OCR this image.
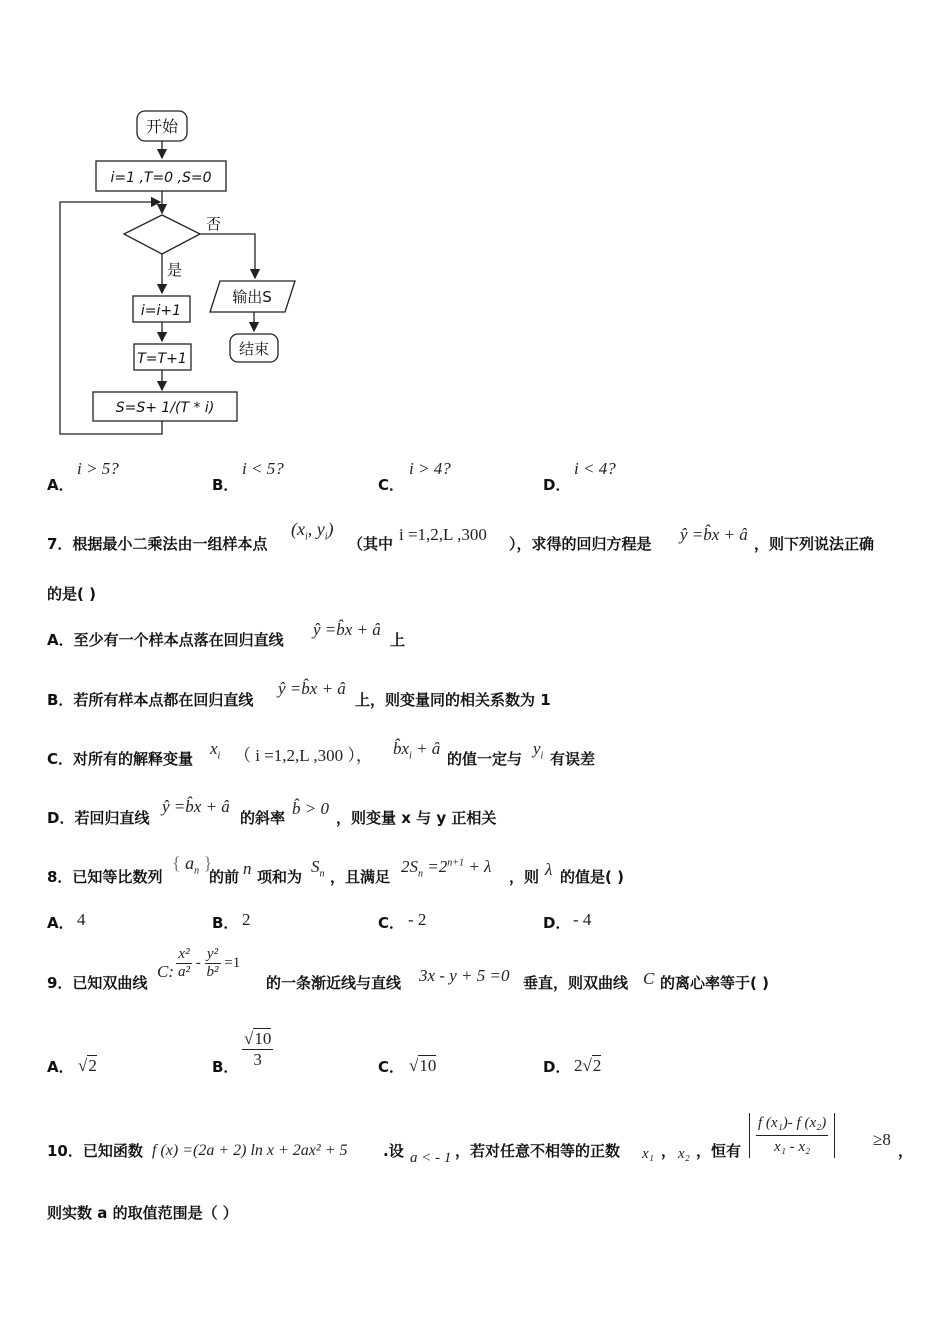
开始
i=1 ,T=0 ,S=0
否
是
i=i+1
T=T+1
S=S+ 1/(T * i)
输出S
结束
A．
i > 5?
B．
i < 5?
C．
i > 4?
D．
i < 4?
7．根据最小二乘法由一组样本点
($x_i$, $y_i$)
（其中 i =1,2,L ,300 ），求得的回归方程是 ŷ =b̂x + â ，则下列说法正确
的是( )
A．至少有一个样本点落在回归直线
ŷ =b̂x + â
上
B．若所有样本点都在回归直线
ŷ =b̂x + â
上，则变量同的相关系数为 1
C．对所有的解释变量
$x_i$ （ i =1,2,L ,300 ）， $b̂x_i$ + â
的值一定与
$y_i$ 有误差
D．若回归直线
ŷ =b̂x + â
的斜率 b̂ > 0 ，则变量 x 与 y 正相关
8．已知等比数列
{ $a_n$ }
的前 n 项和为
$S_n$ ，且满足
$2S_n =2^{n+1} + \lambda$
，则 λ 的值是( )
A． 4	B． 2	C． - 2	D． - 4
9．已知双曲线
C: $\frac{\text{x²}}{\text{a²}} - \frac{\text{y²}}{\text{b²}} =1$
的一条渐近线与直线 3x - y + 5 =0 垂直，则双曲线 C 的离心率等于( )
A． √2	B． $\frac{√10}{3}$	C． √10	D． 2√2
10．已知函数 f (x) =(2a + 2) ln x + 2ax² + 5 .设 a < - 1 ，若对任意不相等的正数 x₁ ， x₂ ，恒有 $\frac{\text{f (x₁)- f (x₂)}}{\text{x₁ - x₂}}$	≥8
，
则实数 a 的取值范围是（ ）
